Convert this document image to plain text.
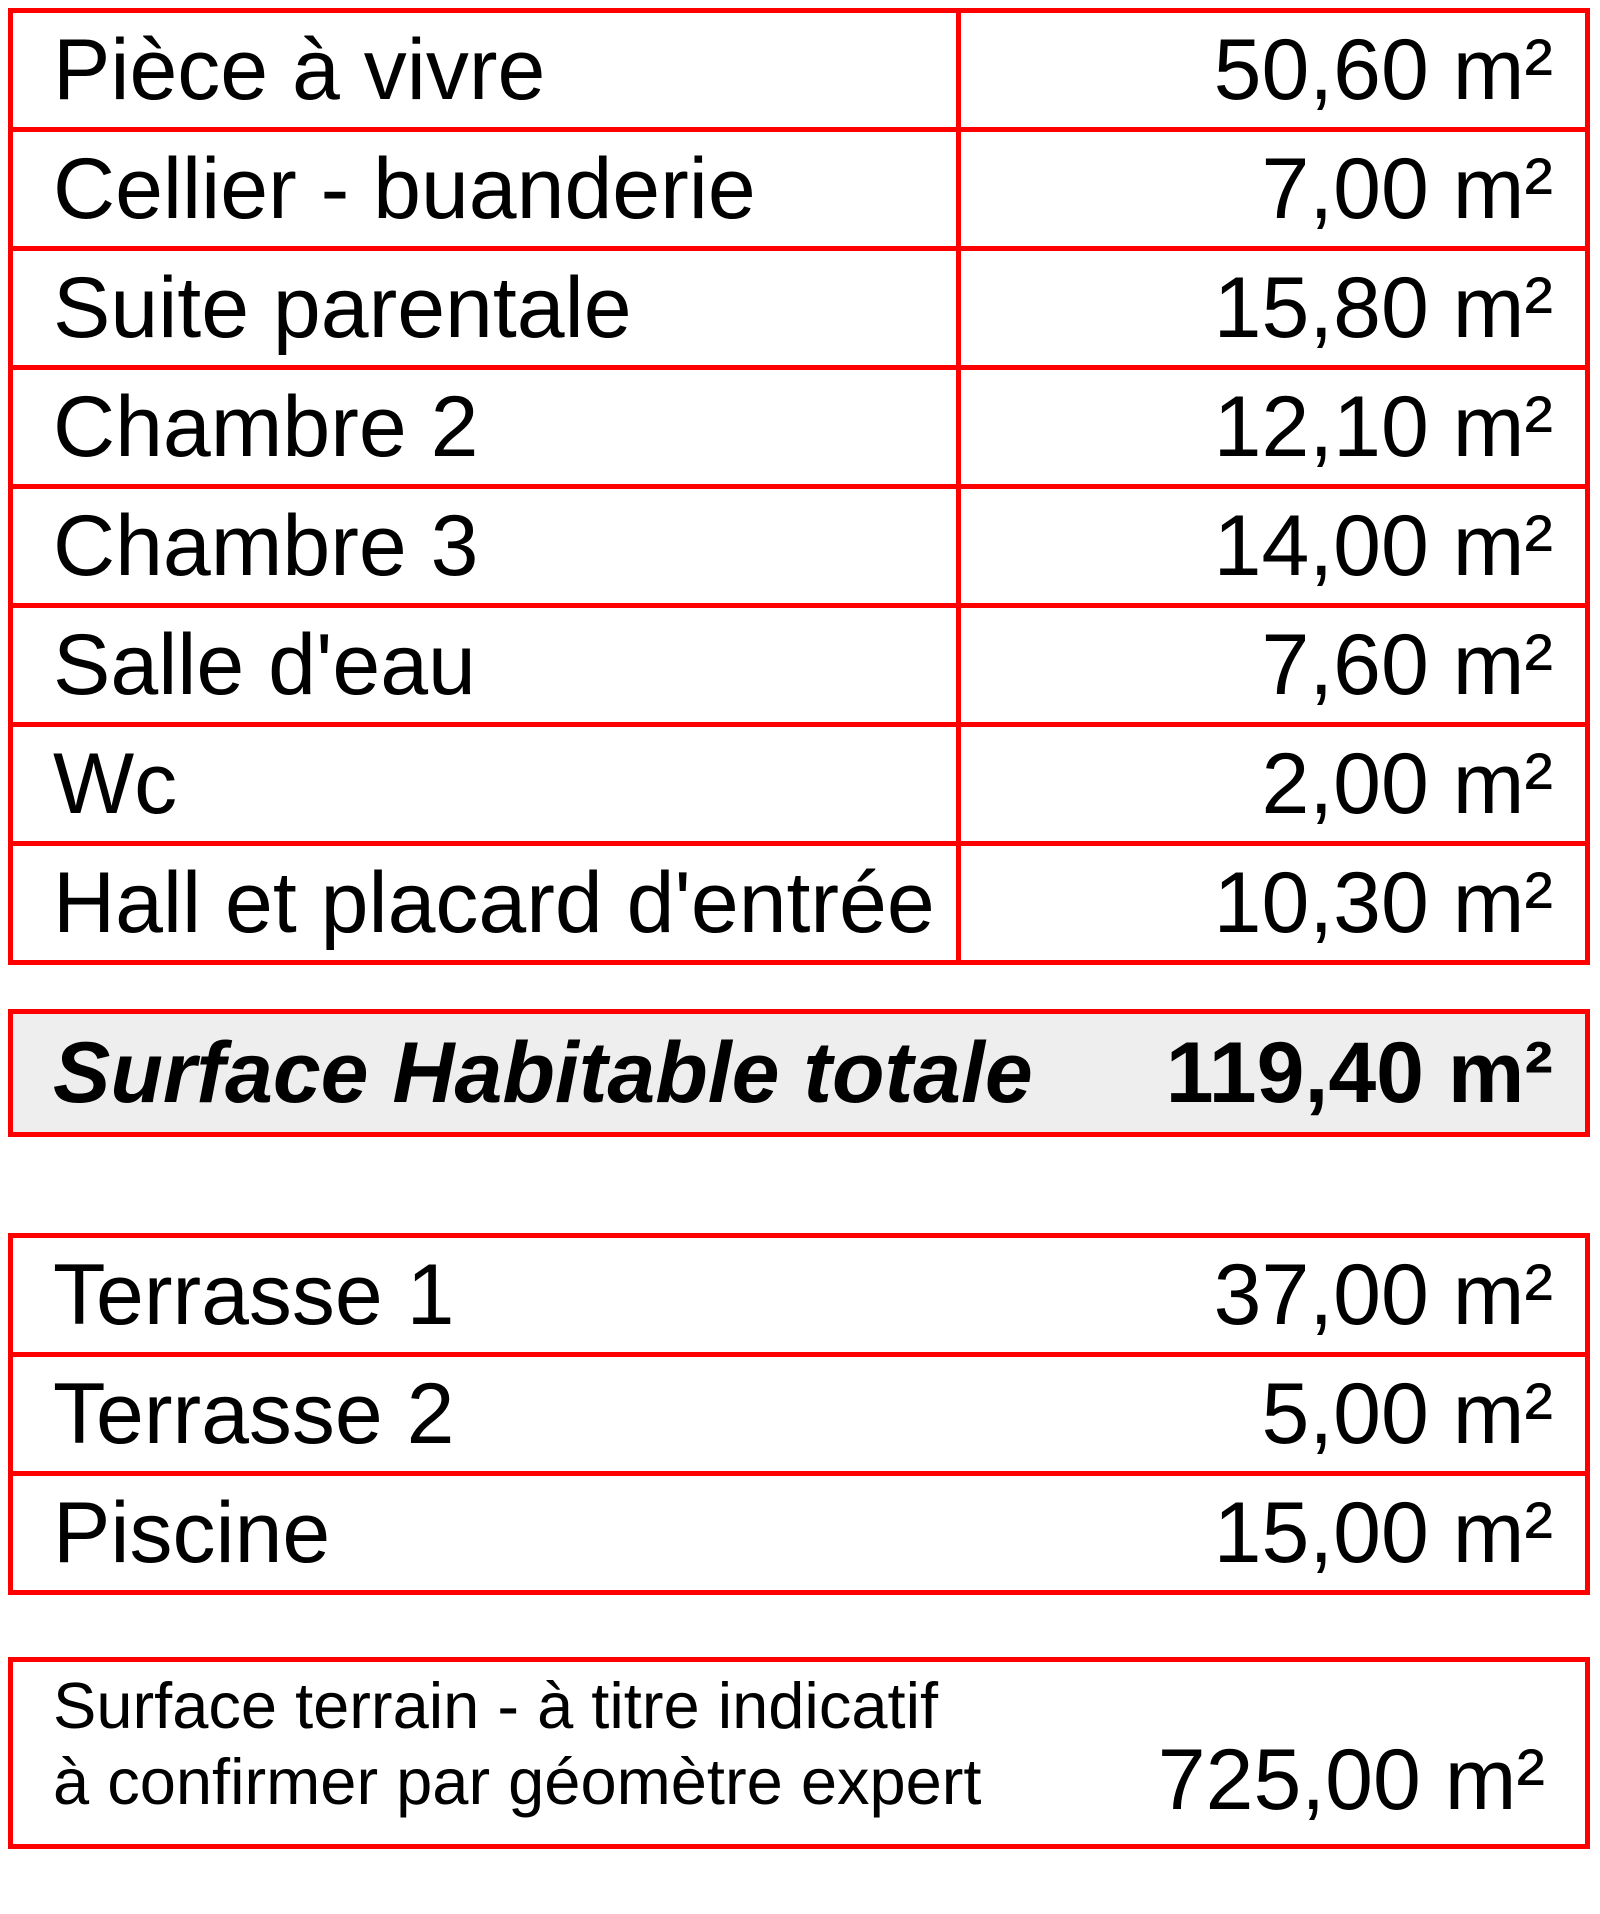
Pièce à vivre	50,60 m²
Cellier - buanderie	7,00 m²
Suite parentale	15,80 m²
Chambre 2	12,10 m²
Chambre 3	14,00 m²
Salle d'eau	7,60 m²
Wc	2,00 m²
Hall et placard d'entrée	10,30 m²
Surface Habitable totale 119,40 m²
Terrasse 1	37,00 m²

Terrasse 2	5,00 m²

Piscine	15,00 m²
Surface terrain - à titre indicatif
à confirmer par géomètre expert 725,00 m²
